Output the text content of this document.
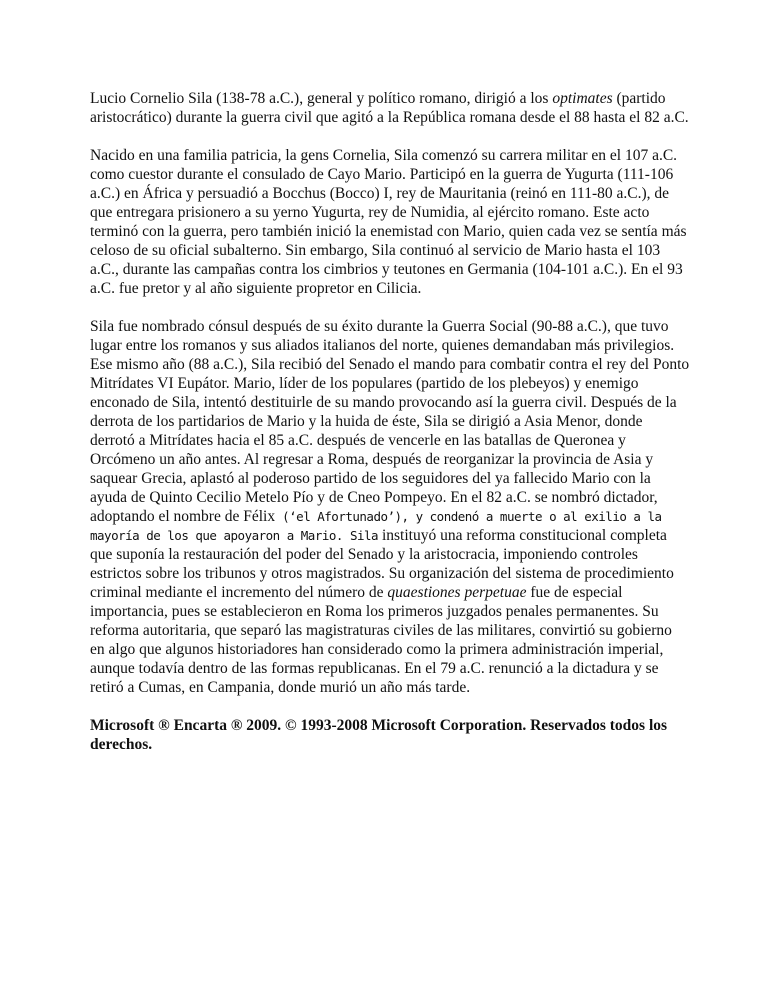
Lucio Cornelio Sila (138-78 a.C.), general y político romano, dirigió a los optimates (partido aristocrático) durante la guerra civil que agitó a la República romana desde el 88 hasta el 82 a.C.

Nacido en una familia patricia, la gens Cornelia, Sila comenzó su carrera militar en el 107 a.C. como cuestor durante el consulado de Cayo Mario. Participó en la guerra de Yugurta (111-106 a.C.) en África y persuadió a Bocchus (Bocco) I, rey de Mauritania (reinó en 111-80 a.C.), de que entregara prisionero a su yerno Yugurta, rey de Numidia, al ejército romano. Este acto terminó con la guerra, pero también inició la enemistad con Mario, quien cada vez se sentía más celoso de su oficial subalterno. Sin embargo, Sila continuó al servicio de Mario hasta el 103 a.C., durante las campañas contra los cimbrios y teutones en Germania (104-101 a.C.). En el 93 a.C. fue pretor y al año siguiente propretor en Cilicia.

Sila fue nombrado cónsul después de su éxito durante la Guerra Social (90-88 a.C.), que tuvo lugar entre los romanos y sus aliados italianos del norte, quienes demandaban más privilegios. Ese mismo año (88 a.C.), Sila recibió del Senado el mando para combatir contra el rey del Ponto Mitrídates VI Eupátor. Mario, líder de los populares (partido de los plebeyos) y enemigo enconado de Sila, intentó destituirle de su mando provocando así la guerra civil. Después de la derrota de los partidarios de Mario y la huida de éste, Sila se dirigió a Asia Menor, donde derrotó a Mitrídates hacia el 85 a.C. después de vencerle en las batallas de Queronea y Orcómeno un año antes. Al regresar a Roma, después de reorganizar la provincia de Asia y saquear Grecia, aplastó al poderoso partido de los seguidores del ya fallecido Mario con la ayuda de Quinto Cecilio Metelo Pío y de Cneo Pompeyo. En el 82 a.C. se nombró dictador, adoptando el nombre de Félix (‘el Afortunado’), y condenó a muerte o al exilio a la mayoría de los que apoyaron a Mario. Sila instituyó una reforma constitucional completa que suponía la restauración del poder del Senado y la aristocracia, imponiendo controles estrictos sobre los tribunos y otros magistrados. Su organización del sistema de procedimiento criminal mediante el incremento del número de quaestiones perpetuae fue de especial importancia, pues se establecieron en Roma los primeros juzgados penales permanentes. Su reforma autoritaria, que separó las magistraturas civiles de las militares, convirtió su gobierno en algo que algunos historiadores han considerado como la primera administración imperial, aunque todavía dentro de las formas republicanas. En el 79 a.C. renunció a la dictadura y se retiró a Cumas, en Campania, donde murió un año más tarde.

Microsoft ® Encarta ® 2009. © 1993-2008 Microsoft Corporation. Reservados todos los derechos.
